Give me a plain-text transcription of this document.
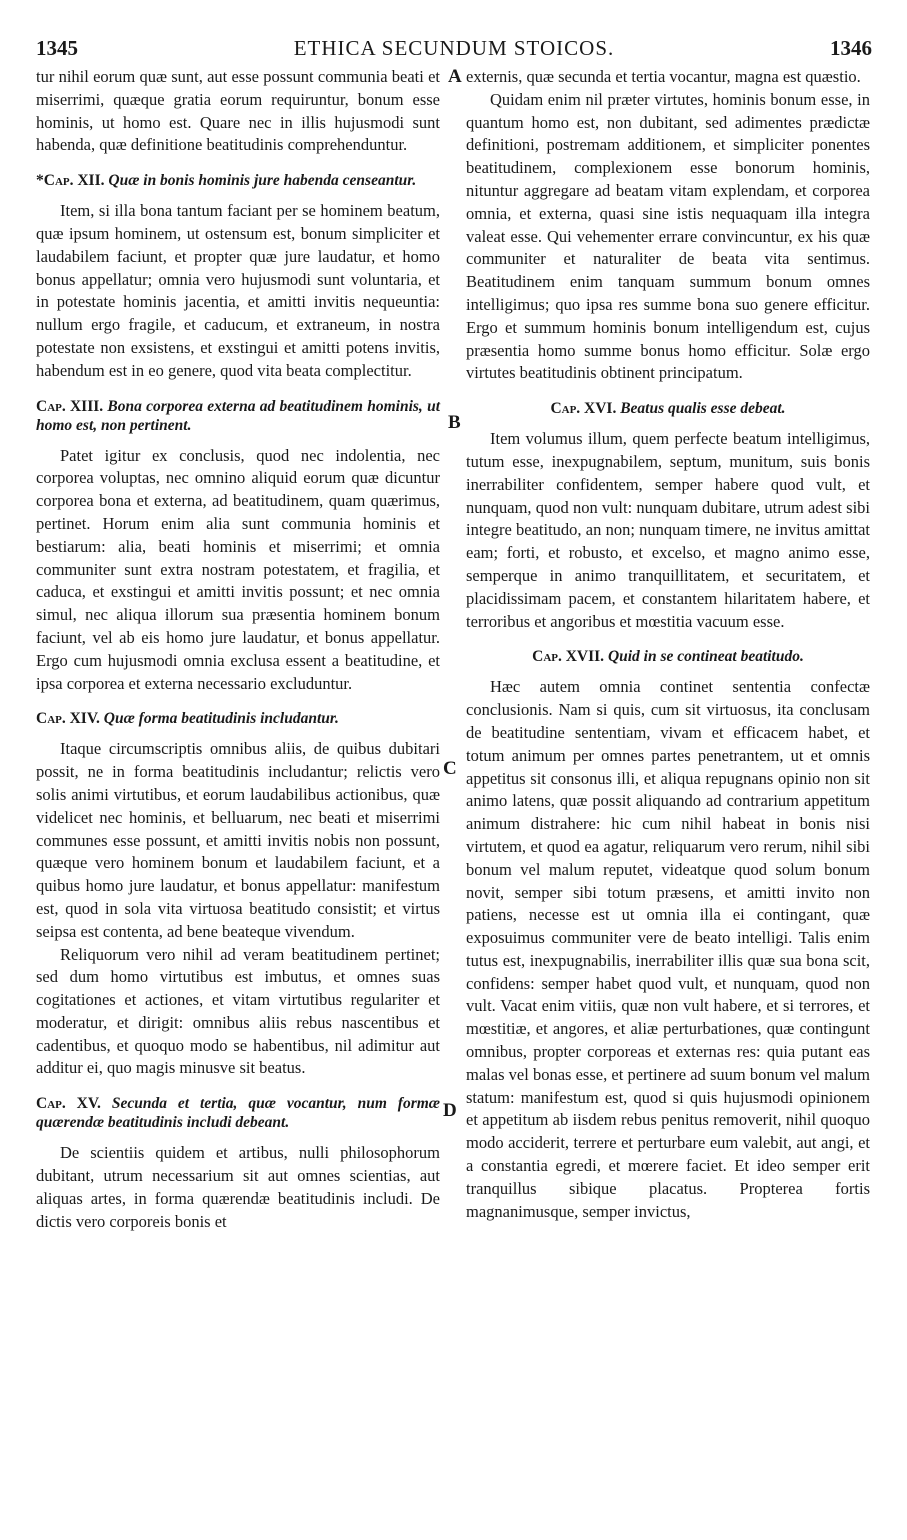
1345	ETHICA SECUNDUM STOICOS.	1346
A
B
C
D

tur nihil eorum quæ sunt, aut esse possunt communia beati et miserrimi, quæque gratia eorum requiruntur, bonum esse hominis, ut homo est. Quare nec in illis hujusmodi sunt habenda, quæ definitione beatitudinis comprehenduntur.

*Cap. XII. Quæ in bonis hominis jure habenda censeantur.

Item, si illa bona tantum faciant per se hominem beatum, quæ ipsum hominem, ut ostensum est, bonum simpliciter et laudabilem faciunt, et propter quæ jure laudatur, et homo bonus appellatur; omnia vero hujusmodi sunt voluntaria, et in potestate hominis jacentia, et amitti invitis nequeuntia: nullum ergo fragile, et caducum, et extraneum, in nostra potestate non exsistens, et exstingui et amitti potens invitis, habendum est in eo genere, quod vita beata complectitur.

Cap. XIII. Bona corporea externa ad beatitudinem hominis, ut homo est, non pertinent.

Patet igitur ex conclusis, quod nec indolentia, nec corporea voluptas, nec omnino aliquid eorum quæ dicuntur corporea bona et externa, ad beatitudinem, quam quærimus, pertinet. Horum enim alia sunt communia hominis et bestiarum: alia, beati hominis et miserrimi; et omnia communiter sunt extra nostram potestatem, et fragilia, et caduca, et exstingui et amitti invitis possunt; et nec omnia simul, nec aliqua illorum sua præsentia hominem bonum faciunt, vel ab eis homo jure laudatur, et bonus appellatur. Ergo cum hujusmodi omnia exclusa essent a beatitudine, et ipsa corporea et externa necessario excluduntur.

Cap. XIV. Quæ forma beatitudinis includantur.

Itaque circumscriptis omnibus aliis, de quibus dubitari possit, ne in forma beatitudinis includantur; relictis vero solis animi virtutibus, et eorum laudabilibus actionibus, quæ videlicet nec hominis, et belluarum, nec beati et miserrimi communes esse possunt, et amitti invitis nobis non possunt, quæque vero hominem bonum et laudabilem faciunt, et a quibus homo jure laudatur, et bonus appellatur: manifestum est, quod in sola vita virtuosa beatitudo consistit; et virtus seipsa est contenta, ad bene beateque vivendum.

Reliquorum vero nihil ad veram beatitudinem pertinet; sed dum homo virtutibus est imbutus, et omnes suas cogitationes et actiones, et vitam virtutibus regulariter et moderatur, et dirigit: omnibus aliis rebus nascentibus et cadentibus, et quoquo modo se habentibus, nil adimitur aut additur ei, quo magis minusve sit beatus.

Cap. XV. Secunda et tertia, quæ vocantur, num formæ quærendæ beatitudinis includi debeant.

De scientiis quidem et artibus, nulli philosophorum dubitant, utrum necessarium sit aut omnes scientias, aut aliquas artes, in forma quærendæ beatitudinis includi. De dictis vero corporeis bonis et

externis, quæ secunda et tertia vocantur, magna est quæstio.

Quidam enim nil præter virtutes, hominis bonum esse, in quantum homo est, non dubitant, sed adimentes prædictæ definitioni, postremam additionem, et simpliciter ponentes beatitudinem, complexionem esse bonorum hominis, nituntur aggregare ad beatam vitam explendam, et corporea omnia, et externa, quasi sine istis nequaquam illa integra valeat esse. Qui vehementer errare convincuntur, ex his quæ communiter et naturaliter de beata vita sentimus. Beatitudinem enim tanquam summum bonum omnes intelligimus; quo ipsa res summe bona suo genere efficitur. Ergo et summum hominis bonum intelligendum est, cujus præsentia homo summe bonus homo efficitur. Solæ ergo virtutes beatitudinis obtinent principatum.

Cap. XVI. Beatus qualis esse debeat.

Item volumus illum, quem perfecte beatum intelligimus, tutum esse, inexpugnabilem, septum, munitum, suis bonis inerrabiliter confidentem, semper habere quod vult, et nunquam, quod non vult: nunquam dubitare, utrum adest sibi integre beatitudo, an non; nunquam timere, ne invitus amittat eam; forti, et robusto, et excelso, et magno animo esse, semperque in animo tranquillitatem, et securitatem, et placidissimam pacem, et constantem hilaritatem habere, et terroribus et angoribus et mœstitia vacuum esse.

Cap. XVII. Quid in se contineat beatitudo.

Hæc autem omnia continet sententia confectæ conclusionis. Nam si quis, cum sit virtuosus, ita conclusam de beatitudine sententiam, vivam et efficacem habet, et totum animum per omnes partes penetrantem, ut et omnis appetitus sit consonus illi, et aliqua repugnans opinio non sit animo latens, quæ possit aliquando ad contrarium appetitum animum distrahere: hic cum nihil habeat in bonis nisi virtutem, et quod ea agatur, reliquarum vero rerum, nihil sibi bonum vel malum reputet, videatque quod solum bonum novit, semper sibi totum præsens, et amitti invito non patiens, necesse est ut omnia illa ei contingant, quæ exposuimus communiter vere de beato intelligi. Talis enim tutus est, inexpugnabilis, inerrabiliter illis quæ sua bona scit, confidens: semper habet quod vult, et nunquam, quod non vult. Vacat enim vitiis, quæ non vult habere, et si terrores, et mœstitiæ, et angores, et aliæ perturbationes, quæ contingunt omnibus, propter corporeas et externas res: quia putant eas malas vel bonas esse, et pertinere ad suum bonum vel malum statum: manifestum est, quod si quis hujusmodi opinionem et appetitum ab iisdem rebus penitus removerit, nihil quoquo modo acciderit, terrere et perturbare eum valebit, aut angi, et a constantia egredi, et mœrere faciet. Et ideo semper erit tranquillus sibique placatus. Propterea fortis magnanimusque, semper invictus,
